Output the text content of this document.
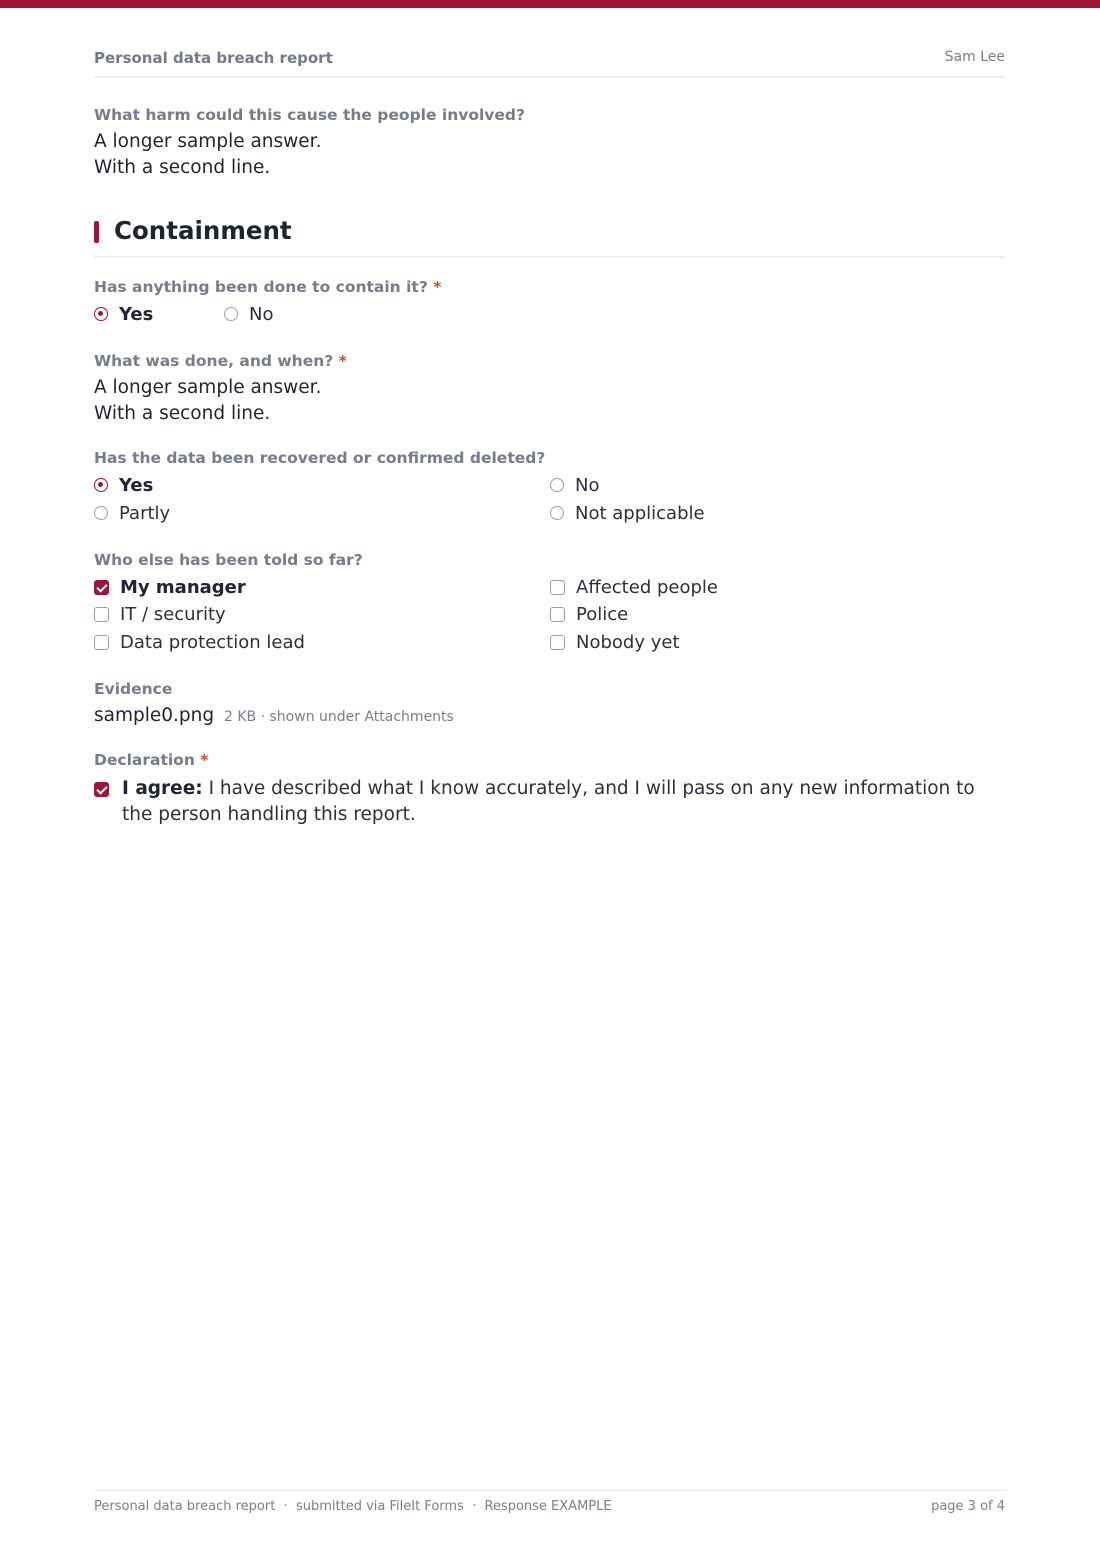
Personal data breach report	Sam Lee
What harm could this cause the people involved?
A longer sample answer.
With a second line.
Containment
Has anything been done to contain it? *
Yes	No
What was done, and when? *
A longer sample answer.
With a second line.
Has the data been recovered or confirmed deleted?
Yes	No
Partly	Not applicable
Who else has been told so far?
My manager	Affected people
IT / security	Police
Data protection lead	Nobody yet
Evidence
sample0.png 2 KB · shown under Attachments
Declaration *
I agree: I have described what I know accurately, and I will pass on any new information to the person handling this report.
Personal data breach report  ·  submitted via FileIt Forms  ·  Response EXAMPLE	page 3 of 4
